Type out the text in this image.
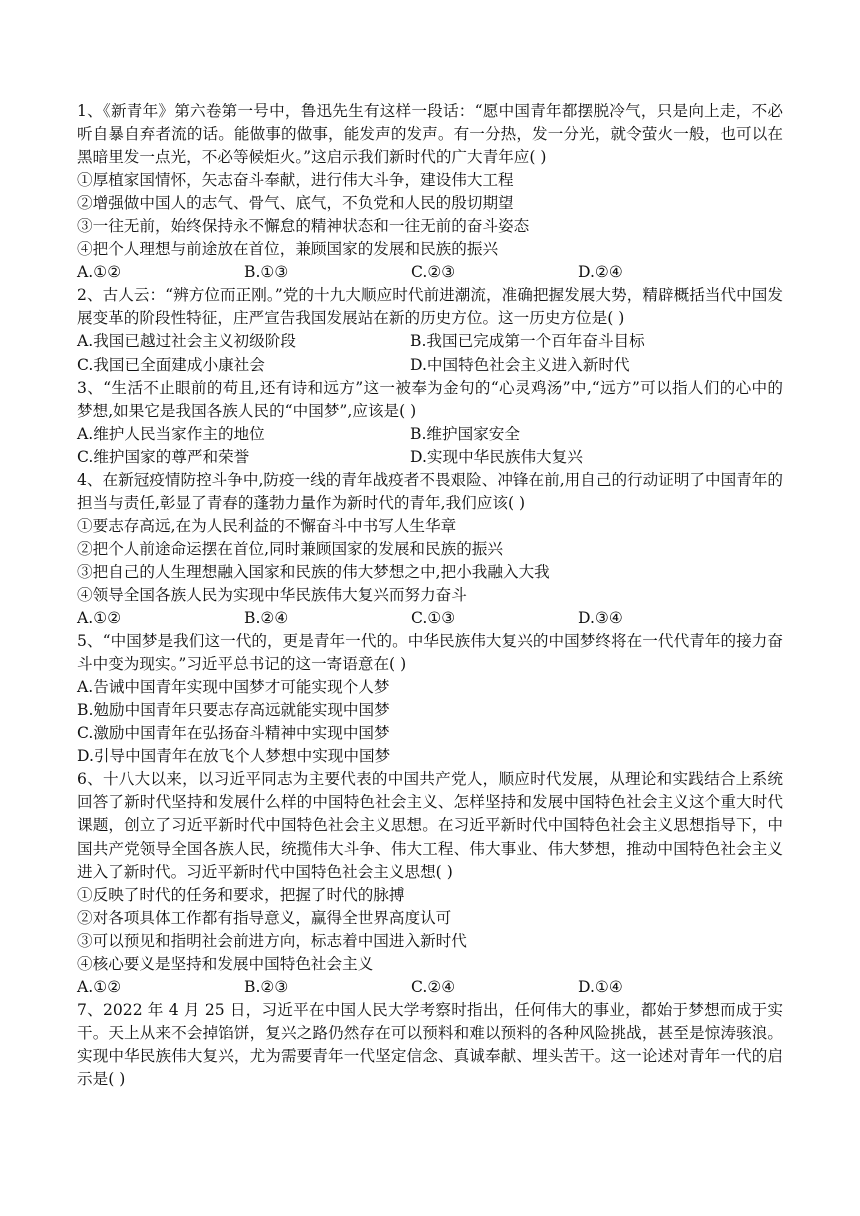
1、《新青年》第六卷第一号中，鲁迅先生有这样一段话：“愿中国青年都摆脱冷气，只是向上走，不必听自暴自弃者流的话。能做事的做事，能发声的发声。有一分热，发一分光，就令萤火一般，也可以在黑暗里发一点光，不必等候炬火。”这启示我们新时代的广大青年应( )

①厚植家国情怀，矢志奋斗奉献，进行伟大斗争，建设伟大工程

②增强做中国人的志气、骨气、底气，不负党和人民的殷切期望

③一往无前，始终保持永不懈怠的精神状态和一往无前的奋斗姿态

④把个人理想与前途放在首位，兼顾国家的发展和民族的振兴

A.①②	B.①③	C.②③	D.②④

2、古人云：“辨方位而正刚。”党的十九大顺应时代前进潮流，准确把握发展大势，精辟概括当代中国发展变革的阶段性特征，庄严宣告我国发展站在新的历史方位。这一历史方位是( )

A.我国已越过社会主义初级阶段	B.我国已完成第一个百年奋斗目标
C.我国已全面建成小康社会	D.中国特色社会主义进入新时代

3、“生活不止眼前的苟且,还有诗和远方”这一被奉为金句的“心灵鸡汤”中,“远方”可以指人们的心中的梦想,如果它是我国各族人民的“中国梦”,应该是( )

A.维护人民当家作主的地位	B.维护国家安全
C.维护国家的尊严和荣誉	D.实现中华民族伟大复兴

4、在新冠疫情防控斗争中,防疫一线的青年战疫者不畏艰险、冲锋在前,用自己的行动证明了中国青年的担当与责任,彰显了青春的蓬勃力量作为新时代的青年,我们应该( )

①要志存高远,在为人民利益的不懈奋斗中书写人生华章

②把个人前途命运摆在首位,同时兼顾国家的发展和民族的振兴

③把自己的人生理想融入国家和民族的伟大梦想之中,把小我融入大我

④领导全国各族人民为实现中华民族伟大复兴而努力奋斗

A.①②	B.②④	C.①③	D.③④

5、“中国梦是我们这一代的，更是青年一代的。中华民族伟大复兴的中国梦终将在一代代青年的接力奋斗中变为现实。”习近平总书记的这一寄语意在( )

A.告诫中国青年实现中国梦才可能实现个人梦

B.勉励中国青年只要志存高远就能实现中国梦

C.激励中国青年在弘扬奋斗精神中实现中国梦

D.引导中国青年在放飞个人梦想中实现中国梦

6、十八大以来，以习近平同志为主要代表的中国共产党人，顺应时代发展，从理论和实践结合上系统回答了新时代坚持和发展什么样的中国特色社会主义、怎样坚持和发展中国特色社会主义这个重大时代课题，创立了习近平新时代中国特色社会主义思想。在习近平新时代中国特色社会主义思想指导下，中国共产党领导全国各族人民，统揽伟大斗争、伟大工程、伟大事业、伟大梦想，推动中国特色社会主义进入了新时代。习近平新时代中国特色社会主义思想( )

①反映了时代的任务和要求，把握了时代的脉搏

②对各项具体工作都有指导意义，赢得全世界高度认可

③可以预见和指明社会前进方向，标志着中国进入新时代

④核心要义是坚持和发展中国特色社会主义

A.①②	B.②③	C.②④	D.①④

7、2022 年 4 月 25 日，习近平在中国人民大学考察时指出，任何伟大的事业，都始于梦想而成于实干。天上从来不会掉馅饼，复兴之路仍然存在可以预料和难以预料的各种风险挑战，甚至是惊涛骇浪。实现中华民族伟大复兴，尤为需要青年一代坚定信念、真诚奉献、埋头苦干。这一论述对青年一代的启示是( )
